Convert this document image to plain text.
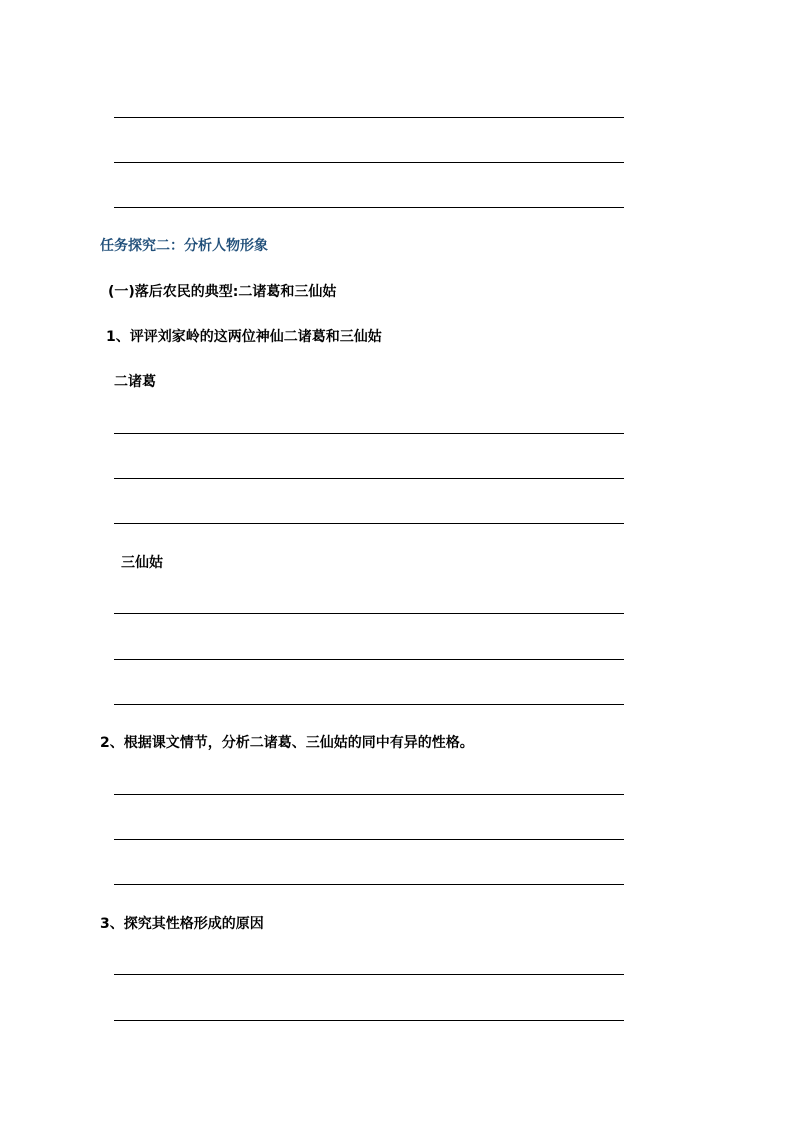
任务探究二：分析人物形象
(一)落后农民的典型:二诸葛和三仙姑
1、评评刘家岭的这两位神仙二诸葛和三仙姑
二诸葛
三仙姑
2、根据课文情节，分析二诸葛、三仙姑的同中有异的性格。
3、探究其性格形成的原因
